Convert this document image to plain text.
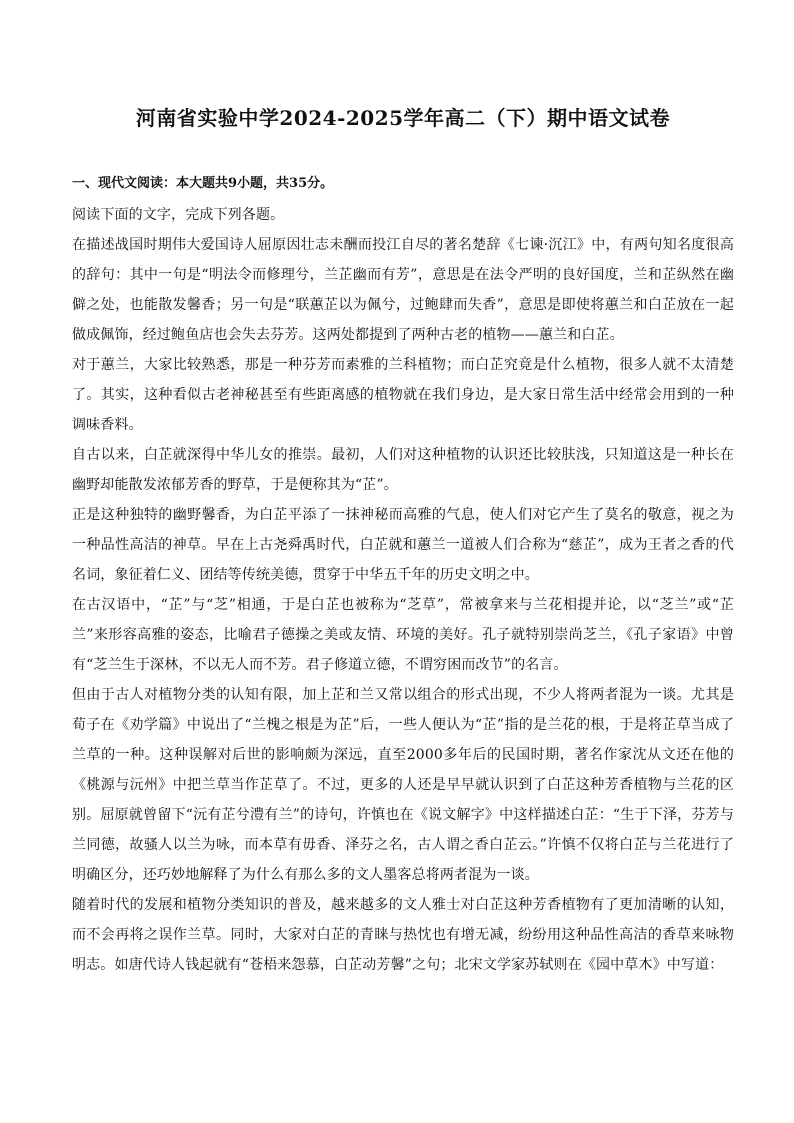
河南省实验中学2024-2025学年高二（下）期中语文试卷
一、现代文阅读：本大题共9小题，共35分。

阅读下面的文字，完成下列各题。

在描述战国时期伟大爱国诗人屈原因壮志未酬而投江自尽的著名楚辞《七谏·沉江》中，有两句知名度很高的辞句：其中一句是“明法令而修理兮，兰芷幽而有芳”，意思是在法令严明的良好国度，兰和芷纵然在幽僻之处，也能散发馨香；另一句是“联蕙芷以为佩兮，过鲍肆而失香”，意思是即使将蕙兰和白芷放在一起做成佩饰，经过鲍鱼店也会失去芬芳。这两处都提到了两种古老的植物——蕙兰和白芷。

对于蕙兰，大家比较熟悉，那是一种芬芳而素雅的兰科植物；而白芷究竟是什么植物，很多人就不太清楚了。其实，这种看似古老神秘甚至有些距离感的植物就在我们身边，是大家日常生活中经常会用到的一种调味香料。

自古以来，白芷就深得中华儿女的推崇。最初，人们对这种植物的认识还比较肤浅，只知道这是一种长在幽野却能散发浓郁芳香的野草，于是便称其为“芷”。

正是这种独特的幽野馨香，为白芷平添了一抹神秘而高雅的气息，使人们对它产生了莫名的敬意，视之为一种品性高洁的神草。早在上古尧舜禹时代，白芷就和蕙兰一道被人们合称为“慈芷”，成为王者之香的代名词，象征着仁义、团结等传统美德，贯穿于中华五千年的历史文明之中。

在古汉语中，“芷”与“芝”相通，于是白芷也被称为“芝草”，常被拿来与兰花相提并论，以“芝兰”或“芷兰”来形容高雅的姿态，比喻君子德操之美或友情、环境的美好。孔子就特别崇尚芝兰，《孔子家语》中曾有“芝兰生于深林，不以无人而不芳。君子修道立德，不谓穷困而改节”的名言。

但由于古人对植物分类的认知有限，加上芷和兰又常以组合的形式出现，不少人将两者混为一谈。尤其是荀子在《劝学篇》中说出了“兰槐之根是为芷”后，一些人便认为“芷”指的是兰花的根，于是将芷草当成了兰草的一种。这种误解对后世的影响颇为深远，直至2000多年后的民国时期，著名作家沈从文还在他的《桃源与沅州》中把兰草当作芷草了。不过，更多的人还是早早就认识到了白芷这种芳香植物与兰花的区别。屈原就曾留下“沅有芷兮澧有兰”的诗句，许慎也在《说文解字》中这样描述白芷：“生于下泽，芬芳与兰同德，故骚人以兰为咏，而本草有毋香、泽芬之名，古人谓之香白芷云。”许慎不仅将白芷与兰花进行了明确区分，还巧妙地解释了为什么有那么多的文人墨客总将两者混为一谈。

随着时代的发展和植物分类知识的普及，越来越多的文人雅士对白芷这种芳香植物有了更加清晰的认知，而不会再将之误作兰草。同时，大家对白芷的青睐与热忱也有增无减，纷纷用这种品性高洁的香草来咏物明志。如唐代诗人钱起就有“苍梧来怨慕，白芷动芳馨”之句；北宋文学家苏轼则在《园中草木》中写道：
